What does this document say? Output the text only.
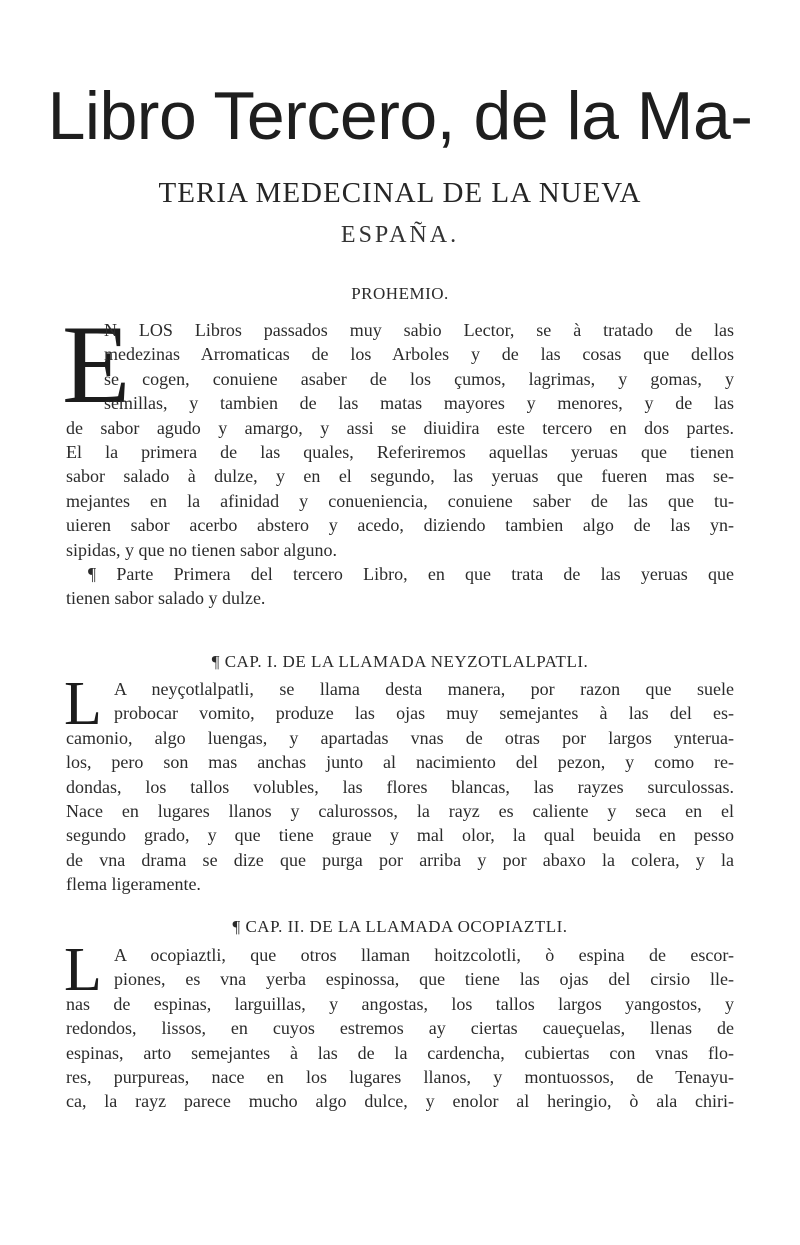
Libro Tercero, de la Ma-
TERIA MEDECINAL DE LA NUEVA
ESPAÑA.
PROHEMIO.
E
N LOS Libros passados muy sabio Lector, se à tratado de las
medezinas Arromaticas de los Arboles y de las cosas que dellos
se cogen, conuiene asaber de los çumos, lagrimas, y gomas, y
semillas, y tambien de las matas mayores y menores, y de las
de sabor agudo y amargo, y assi se diuidira este tercero en dos partes.
El la primera de las quales, Referiremos aquellas yeruas que tienen
sabor salado à dulze, y en el segundo, las yeruas que fueren mas se-
mejantes en la afinidad y conueniencia, conuiene saber de las que tu-
uieren sabor acerbo abstero y acedo, diziendo tambien algo de las yn-
sipidas, y que no tienen sabor alguno.
¶ Parte Primera del tercero Libro, en que trata de las yeruas que
tienen sabor salado y dulze.
¶ CAP. I. DE LA LLAMADA NEYZOTLALPATLI.
L A neyçotlalpatli, se llama desta manera, por razon que suele
probocar vomito, produze las ojas muy semejantes à las del es-
camonio, algo luengas, y apartadas vnas de otras por largos ynterua-
los, pero son mas anchas junto al nacimiento del pezon, y como re-
dondas, los tallos volubles, las flores blancas, las rayzes surculossas.
Nace en lugares llanos y calurossos, la rayz es caliente y seca en el
segundo grado, y que tiene graue y mal olor, la qual beuida en pesso
de vna drama se dize que purga por arriba y por abaxo la colera, y la
flema ligeramente.
¶ CAP. II. DE LA LLAMADA OCOPIAZTLI.
L A ocopiaztli, que otros llaman hoitzcolotli, ò espina de escor-
piones, es vna yerba espinossa, que tiene las ojas del cirsio lle-
nas de espinas, larguillas, y angostas, los tallos largos yangostos, y
redondos, lissos, en cuyos estremos ay ciertas caueçuelas, llenas de
espinas, arto semejantes à las de la cardencha, cubiertas con vnas flo-
res, purpureas, nace en los lugares llanos, y montuossos, de Tenayu-
ca, la rayz parece mucho algo dulce, y enolor al heringio, ò ala chiri-
